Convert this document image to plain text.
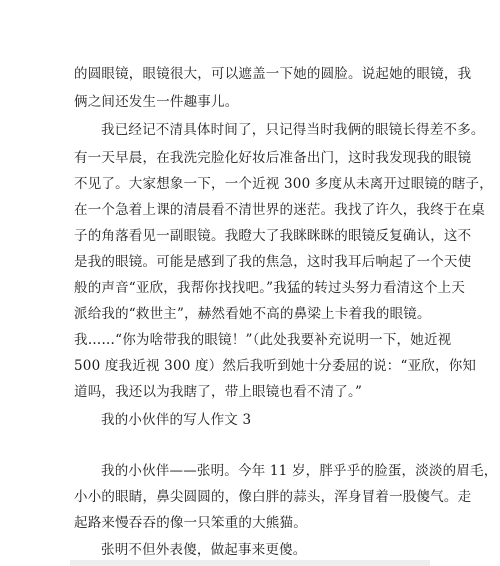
的圆眼镜，眼镜很大，可以遮盖一下她的圆脸。说起她的眼镜，我
俩之间还发生一件趣事儿。
我已经记不清具体时间了，只记得当时我俩的眼镜长得差不多。
有一天早晨，在我洗完脸化好妆后准备出门，这时我发现我的眼镜
不见了。大家想象一下，一个近视 300 多度从未离开过眼镜的瞎子，
在一个急着上课的清晨看不清世界的迷茫。我找了许久，我终于在桌
子的角落看见一副眼镜。我瞪大了我眯眯眯的眼镜反复确认，这不
是我的眼镜。可能是感到了我的焦急，这时我耳后响起了一个天使
般的声音“亚欣，我帮你找找吧。”我猛的转过头努力看清这个上天
派给我的“救世主”，赫然看她不高的鼻梁上卡着我的眼镜。
我……“你为啥带我的眼镜！”（此处我要补充说明一下，她近视
500 度我近视 300 度）然后我听到她十分委屈的说：“亚欣，你知
道吗，我还以为我瞎了，带上眼镜也看不清了。”
我的小伙伴的写人作文 3
我的小伙伴——张明。今年 11 岁，胖乎乎的脸蛋，淡淡的眉毛，
小小的眼睛，鼻尖圆圆的，像白胖的蒜头，浑身冒着一股傻气。走
起路来慢吞吞的像一只笨重的大熊猫。
张明不但外表傻，做起事来更傻。
